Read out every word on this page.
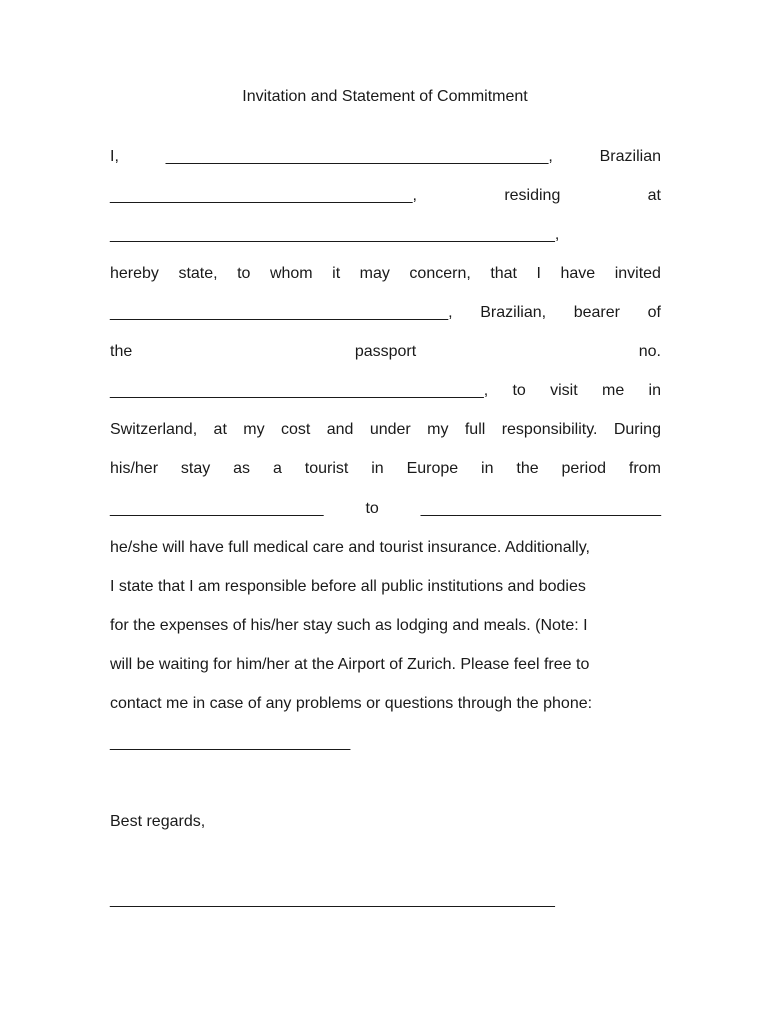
Invitation and Statement of Commitment
I,	___________________________________________,	Brazilian
__________________________________,	residing	at
__________________________________________________,
hereby state, to whom it may concern, that I have invited
______________________________________, Brazilian, bearer of
the	passport	no.
__________________________________________, to visit me in
Switzerland, at my cost and under my full responsibility. During
his/her stay as a tourist in Europe in the period from
________________________	to	___________________________
he/she will have full medical care and tourist insurance. Additionally,
I state that I am responsible before all public institutions and bodies
for the expenses of his/her stay such as lodging and meals. (Note: I
will be waiting for him/her at the Airport of Zurich. Please feel free to
contact me in case of any problems or questions through the phone:
___________________________
Best regards,
__________________________________________________
